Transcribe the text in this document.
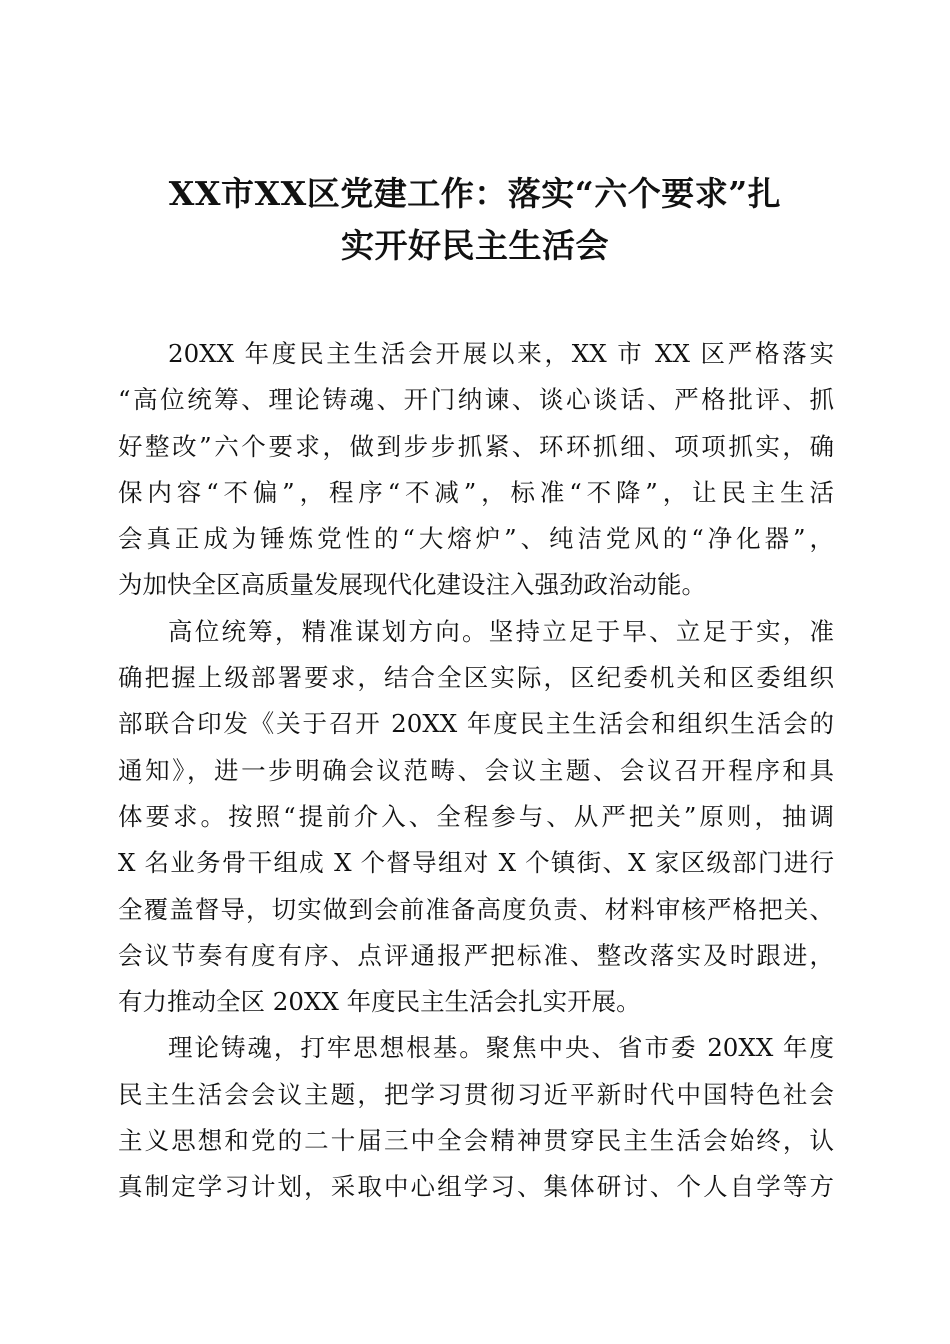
XX市XX区党建工作：落实“六个要求”扎
实开好民主生活会
20XX 年度民主生活会开展以来，XX 市 XX 区严格落实
“高位统筹、理论铸魂、开门纳谏、谈心谈话、严格批评、抓
好整改”六个要求，做到步步抓紧、环环抓细、项项抓实，确
保内容“不偏”，程序“不减”，标准“不降”，让民主生活
会真正成为锤炼党性的“大熔炉”、纯洁党风的“净化器”，
为加快全区高质量发展现代化建设注入强劲政治动能。
高位统筹，精准谋划方向。坚持立足于早、立足于实，准
确把握上级部署要求，结合全区实际，区纪委机关和区委组织
部联合印发《关于召开 20XX 年度民主生活会和组织生活会的
通知》，进一步明确会议范畴、会议主题、会议召开程序和具
体要求。按照“提前介入、全程参与、从严把关”原则，抽调
X 名业务骨干组成 X 个督导组对 X 个镇街、X 家区级部门进行
全覆盖督导，切实做到会前准备高度负责、材料审核严格把关、
会议节奏有度有序、点评通报严把标准、整改落实及时跟进，
有力推动全区 20XX 年度民主生活会扎实开展。
理论铸魂，打牢思想根基。聚焦中央、省市委 20XX 年度
民主生活会会议主题，把学习贯彻习近平新时代中国特色社会
主义思想和党的二十届三中全会精神贯穿民主生活会始终，认
真制定学习计划，采取中心组学习、集体研讨、个人自学等方
